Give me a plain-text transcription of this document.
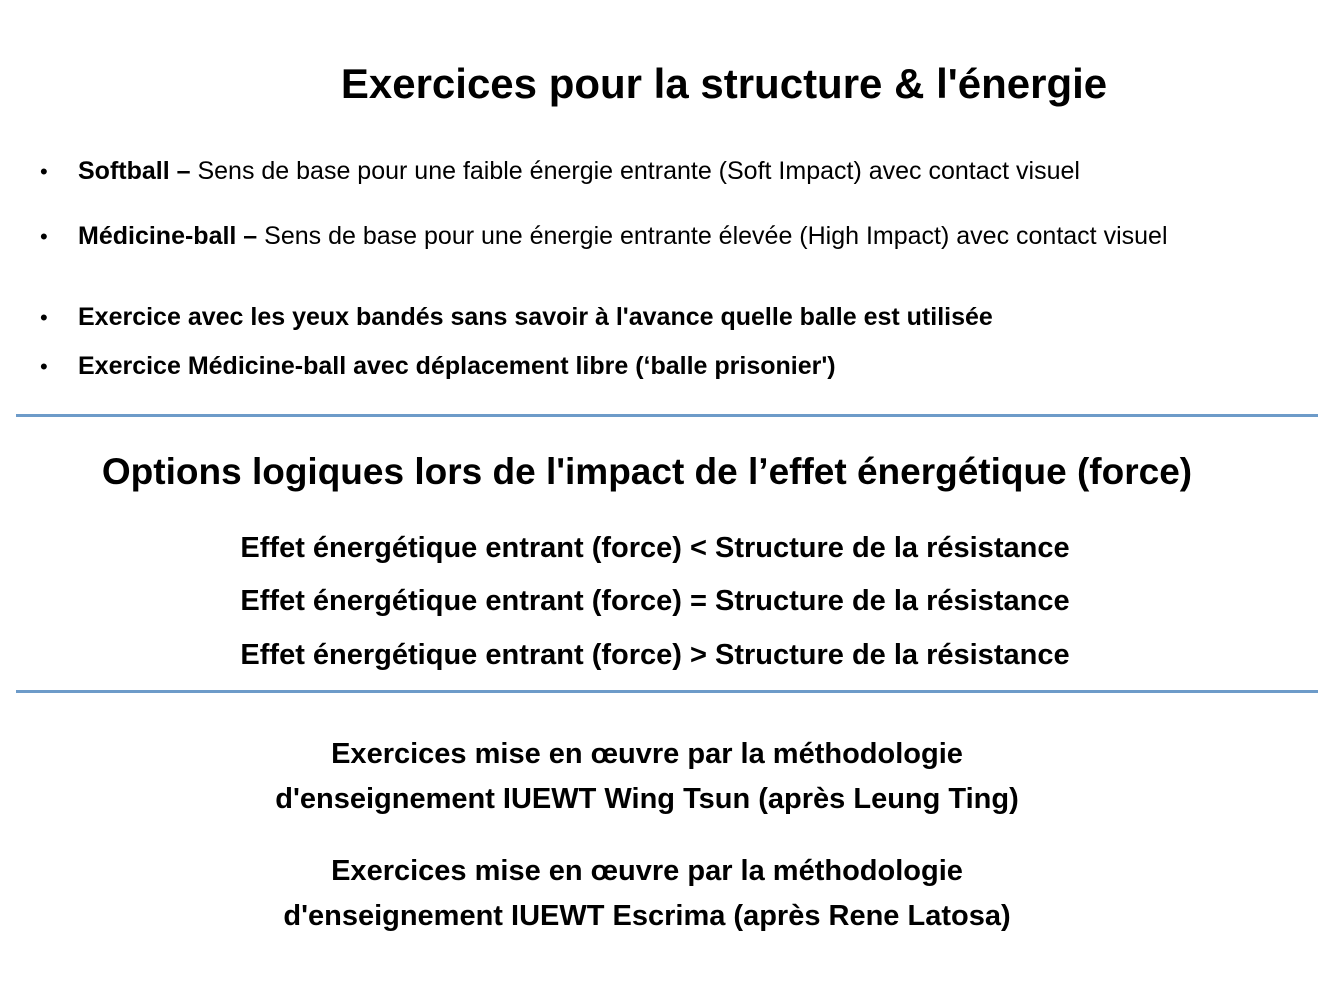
Exercices pour la structure & l'énergie
•	Softball – Sens de base pour une faible énergie entrante (Soft Impact) avec contact visuel
•	Médicine-ball – Sens de base pour une énergie entrante élevée (High Impact) avec contact visuel
•	Exercice avec les yeux bandés sans savoir à l'avance quelle balle est utilisée
•	Exercice Médicine-ball avec déplacement libre (‘balle prisonier')
Options logiques lors de l'impact de l’effet énergétique (force)
Effet énergétique entrant (force) < Structure de la résistance
Effet énergétique entrant (force) = Structure de la résistance
Effet énergétique entrant (force) > Structure de la résistance
Exercices mise en œuvre par la méthodologie
d'enseignement IUEWT Wing Tsun (après Leung Ting)
Exercices mise en œuvre par la méthodologie
d'enseignement IUEWT Escrima (après Rene Latosa)
